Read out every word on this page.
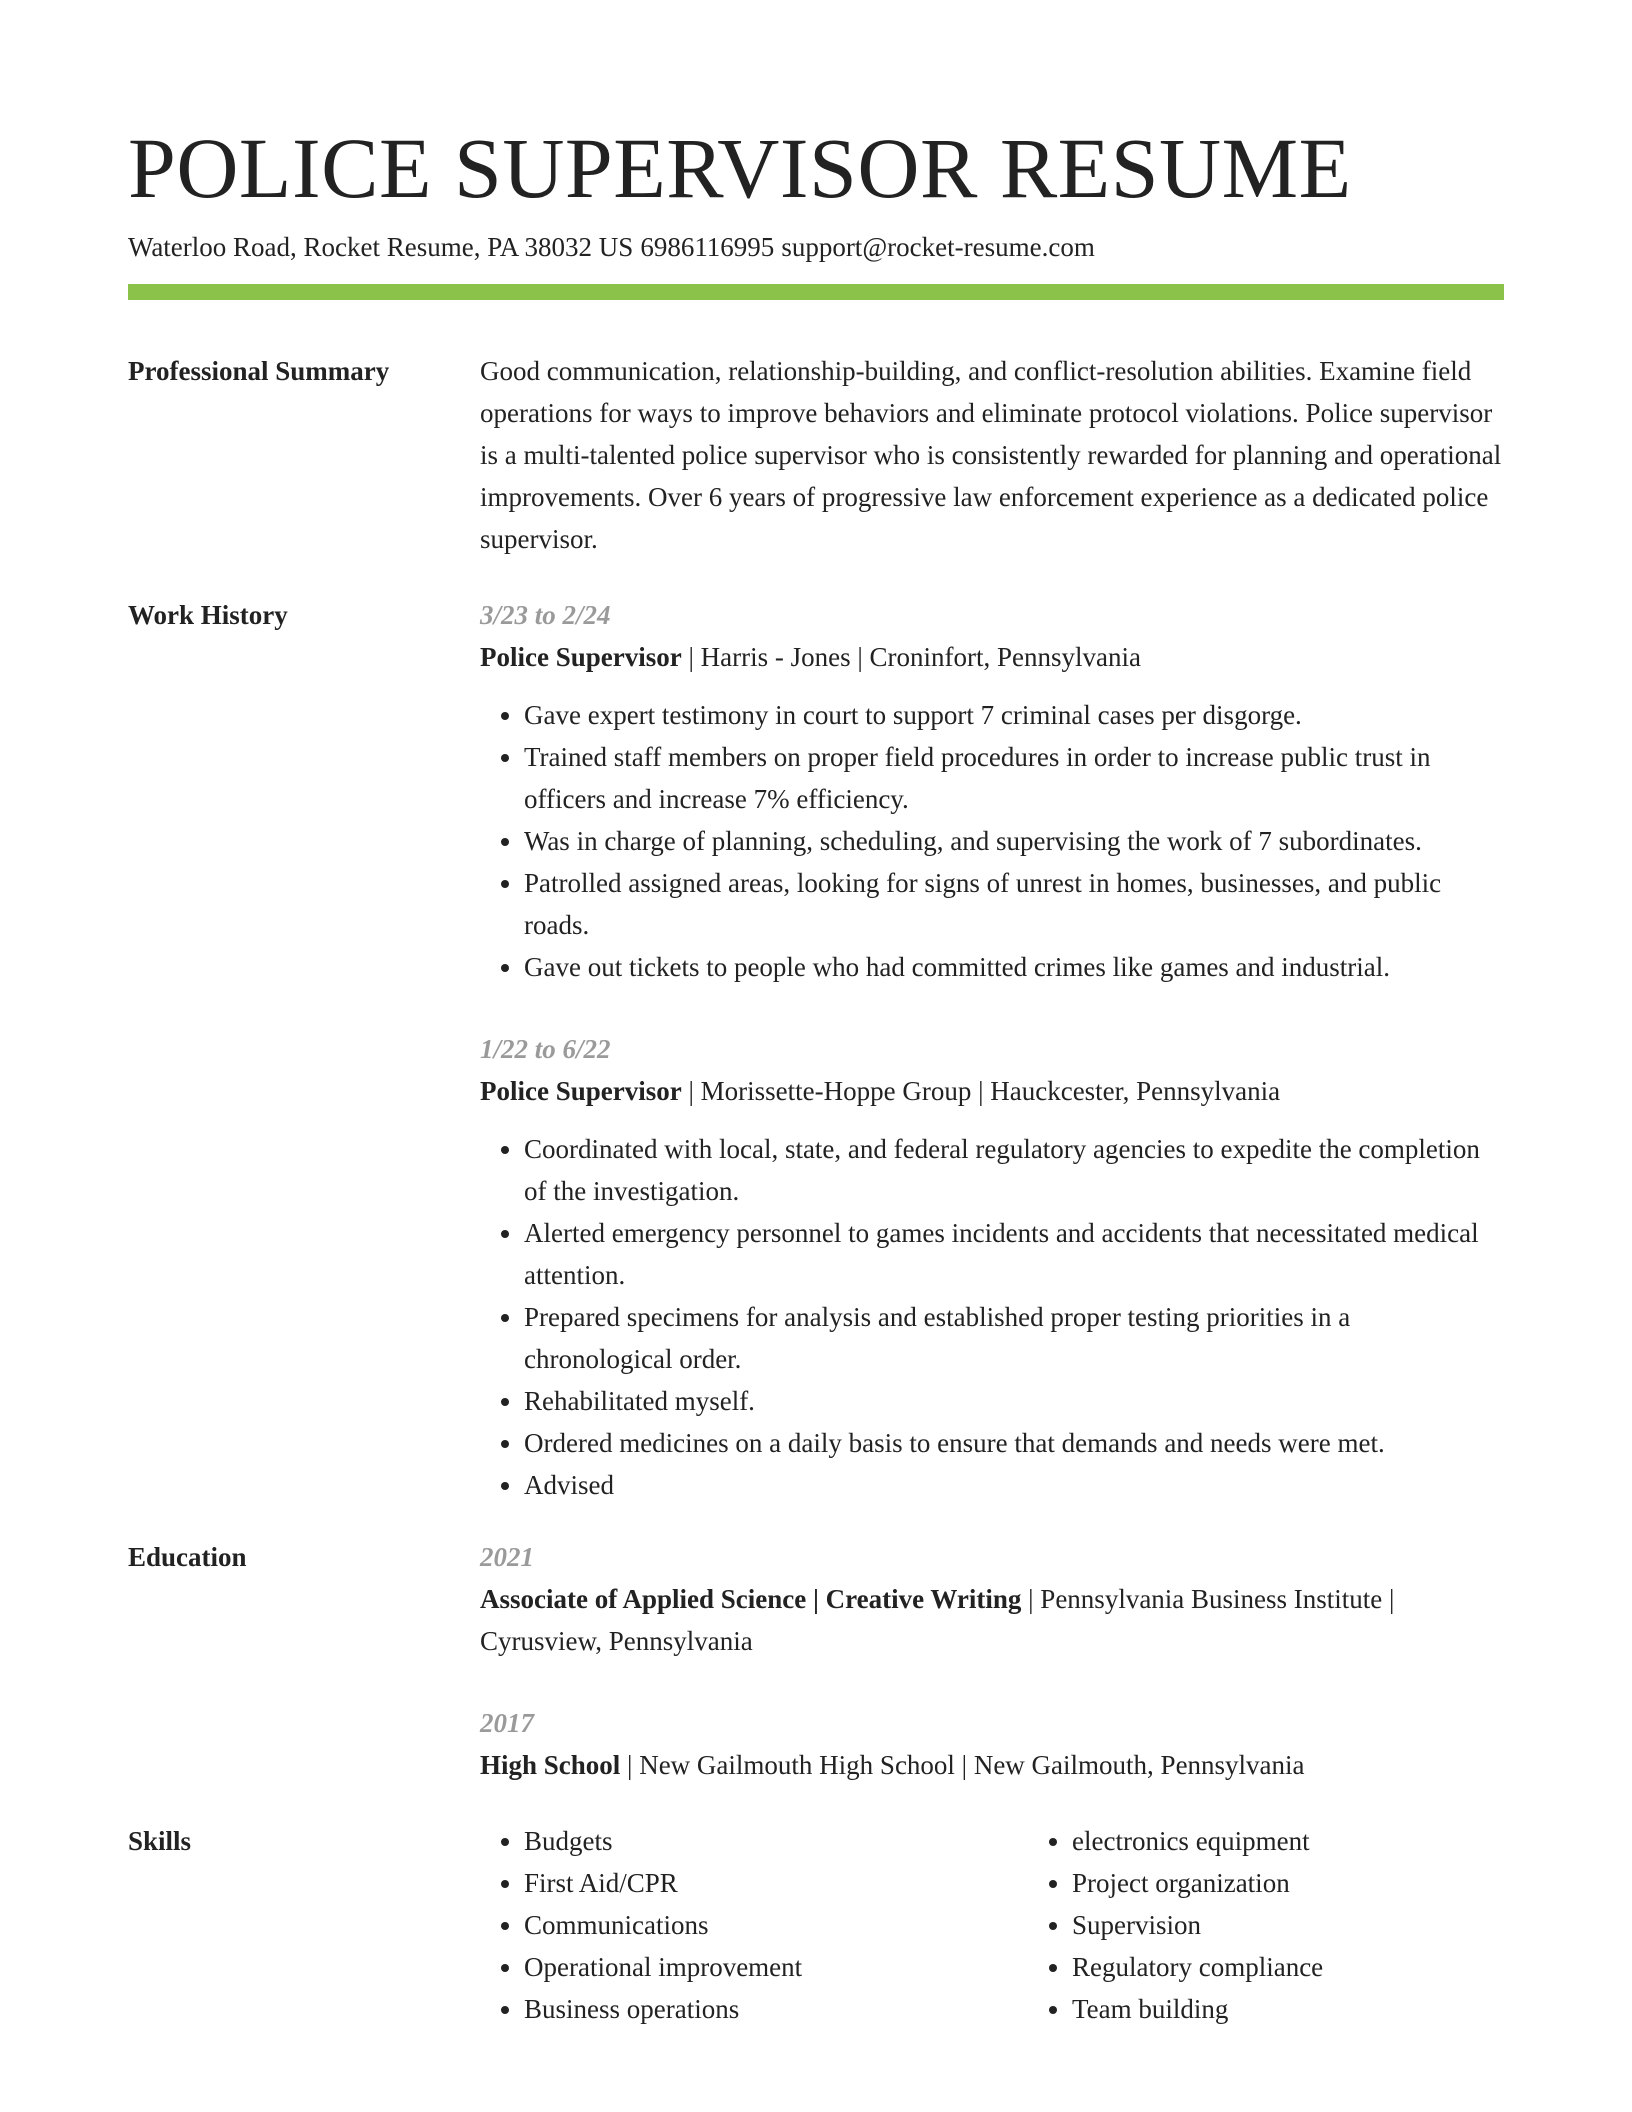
POLICE SUPERVISOR RESUME
Waterloo Road, Rocket Resume, PA 38032 US 6986116995 support@rocket-resume.com
Professional Summary	Good communication, relationship-building, and conflict-resolution abilities. Examine field operations for ways to improve behaviors and eliminate protocol violations. Police supervisor is a multi-talented police supervisor who is consistently rewarded for planning and operational improvements. Over 6 years of progressive law enforcement experience as a dedicated police supervisor.
Work History	3/23 to 2/24
Police Supervisor | Harris - Jones | Croninfort, Pennsylvania
• Gave expert testimony in court to support 7 criminal cases per disgorge.
• Trained staff members on proper field procedures in order to increase public trust in officers and increase 7% efficiency.
• Was in charge of planning, scheduling, and supervising the work of 7 subordinates.
• Patrolled assigned areas, looking for signs of unrest in homes, businesses, and public roads.
• Gave out tickets to people who had committed crimes like games and industrial.
1/22 to 6/22
Police Supervisor | Morissette-Hoppe Group | Hauckcester, Pennsylvania
• Coordinated with local, state, and federal regulatory agencies to expedite the completion of the investigation.
• Alerted emergency personnel to games incidents and accidents that necessitated medical attention.
• Prepared specimens for analysis and established proper testing priorities in a chronological order.
• Rehabilitated myself.
• Ordered medicines on a daily basis to ensure that demands and needs were met.
• Advised
Education	2021
Associate of Applied Science | Creative Writing | Pennsylvania Business Institute | Cyrusview, Pennsylvania
2017
High School | New Gailmouth High School | New Gailmouth, Pennsylvania
Skills
•	Budgets
• First Aid/CPR
• Communications
• Operational improvement
• Business operations
• electronics equipment
• Project organization
• Supervision
• Regulatory compliance
• Team building
